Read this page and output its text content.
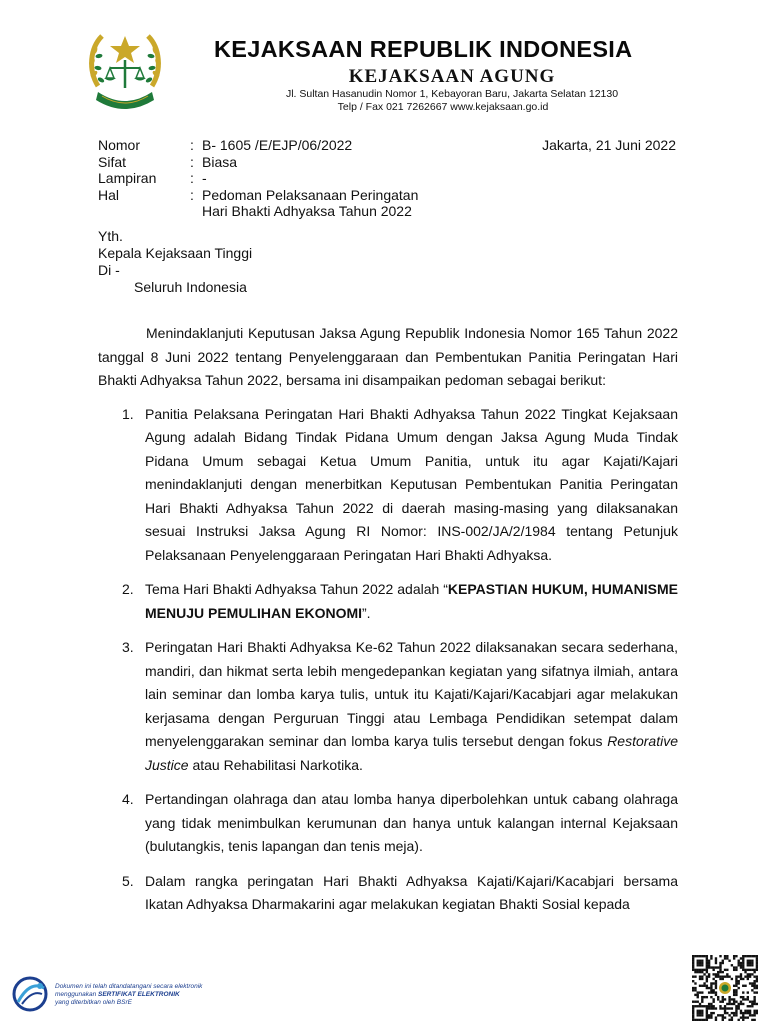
KEJAKSAAN REPUBLIK INDONESIA
KEJAKSAAN AGUNG
Jl. Sultan Hasanudin Nomor 1, Kebayoran Baru, Jakarta Selatan 12130
Telp / Fax 021 7262667 www.kejaksaan.go.id
Nomor	: B- 1605 /E/EJP/06/2022
Sifat	: Biasa
Lampiran	: -
Hal	: Pedoman Pelaksanaan Peringatan
Hari Bhakti Adhyaksa Tahun 2022
Jakarta, 21 Juni 2022
Yth.
Kepala Kejaksaan Tinggi
Di -
Seluruh Indonesia

Menindaklanjuti Keputusan Jaksa Agung Republik Indonesia Nomor 165 Tahun 2022 tanggal 8 Juni 2022 tentang Penyelenggaraan dan Pembentukan Panitia Peringatan Hari Bhakti Adhyaksa Tahun 2022, bersama ini disampaikan pedoman sebagai berikut:

1. Panitia Pelaksana Peringatan Hari Bhakti Adhyaksa Tahun 2022 Tingkat Kejaksaan Agung adalah Bidang Tindak Pidana Umum dengan Jaksa Agung Muda Tindak Pidana Umum sebagai Ketua Umum Panitia, untuk itu agar Kajati/Kajari menindaklanjuti dengan menerbitkan Keputusan Pembentukan Panitia Peringatan Hari Bhakti Adhyaksa Tahun 2022 di daerah masing-masing yang dilaksanakan sesuai Instruksi Jaksa Agung RI Nomor: INS-002/JA/2/1984 tentang Petunjuk Pelaksanaan Penyelenggaraan Peringatan Hari Bhakti Adhyaksa.
2. Tema Hari Bhakti Adhyaksa Tahun 2022 adalah “KEPASTIAN HUKUM, HUMANISME MENUJU PEMULIHAN EKONOMI”.
3. Peringatan Hari Bhakti Adhyaksa Ke-62 Tahun 2022 dilaksanakan secara sederhana, mandiri, dan hikmat serta lebih mengedepankan kegiatan yang sifatnya ilmiah, antara lain seminar dan lomba karya tulis, untuk itu Kajati/Kajari/Kacabjari agar melakukan kerjasama dengan Perguruan Tinggi atau Lembaga Pendidikan setempat dalam menyelenggarakan seminar dan lomba karya tulis tersebut dengan fokus Restorative Justice atau Rehabilitasi Narkotika.
4. Pertandingan olahraga dan atau lomba hanya diperbolehkan untuk cabang olahraga yang tidak menimbulkan kerumunan dan hanya untuk kalangan internal Kejaksaan (bulutangkis, tenis lapangan dan tenis meja).
5. Dalam rangka peringatan Hari Bhakti Adhyaksa Kajati/Kajari/Kacabjari bersama Ikatan Adhyaksa Dharmakarini agar melakukan kegiatan Bhakti Sosial kepada
Dokumen ini telah ditandatangani secara elektronik
menggunakan SERTIFIKAT ELEKTRONIK
yang diterbitkan oleh BSrE
